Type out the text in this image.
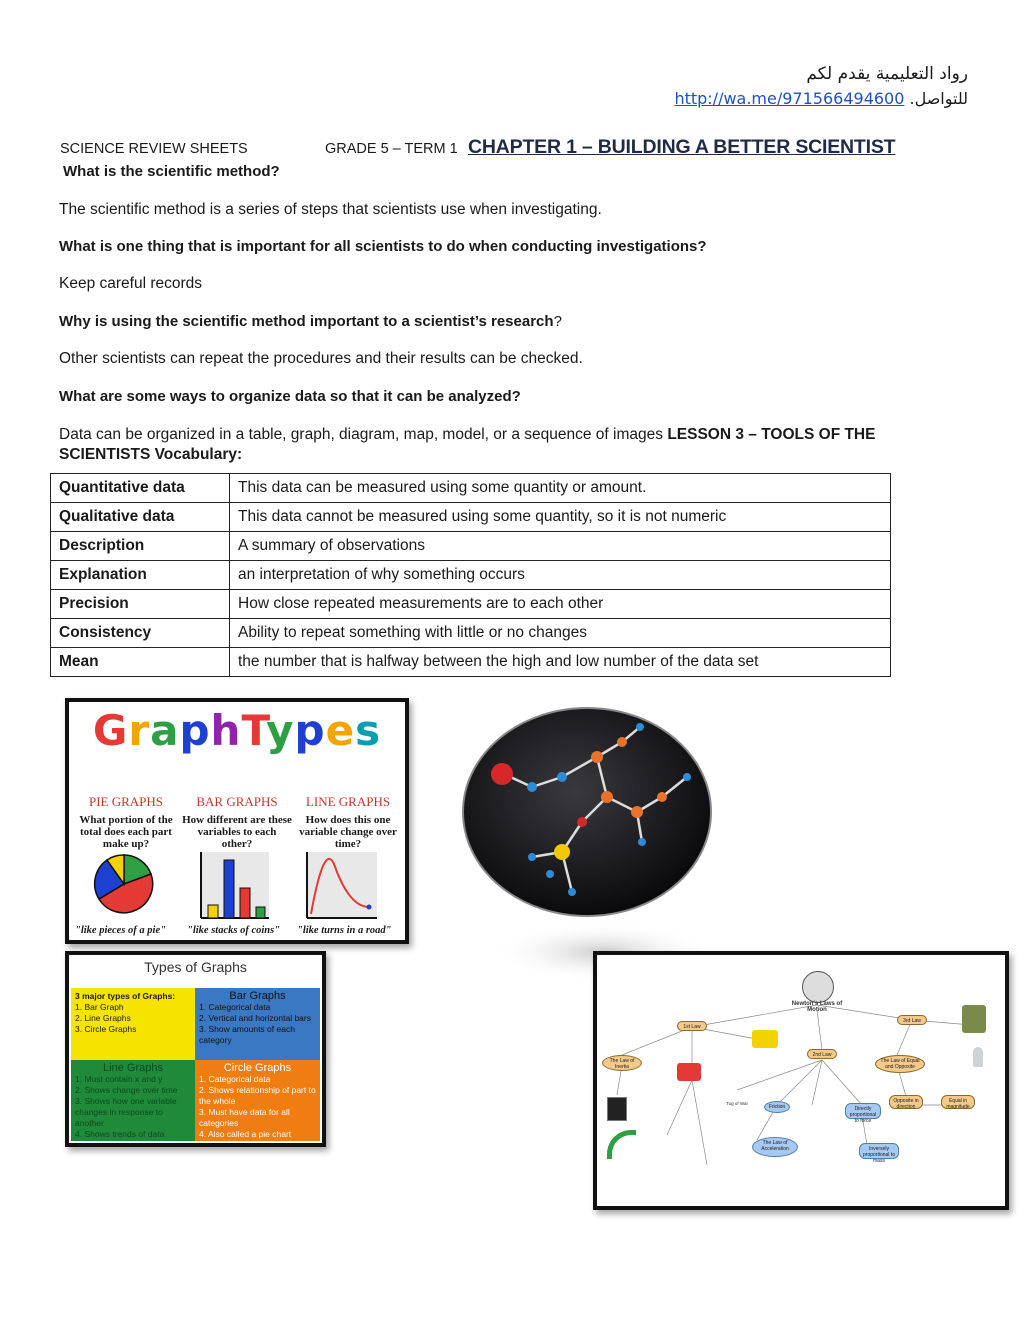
رواد التعليمية يقدم لكم
للتواصل. http://wa.me/971566494600
SCIENCE REVIEW SHEETS	GRADE 5 – TERM 1 CHAPTER 1 – BUILDING A BETTER SCIENTIST
What is the scientific method?
The scientific method is a series of steps that scientists use when investigating.
What is one thing that is important for all scientists to do when conducting investigations?
Keep careful records
Why is using the scientific method important to a scientist’s research?
Other scientists can repeat the procedures and their results can be checked.
What are some ways to organize data so that it can be analyzed?
Data can be organized in a table, graph, diagram, map, model, or a sequence of images LESSON 3 – TOOLS OF THE
SCIENTISTS Vocabulary:
Quantitative data	This data can be measured using some quantity or amount.
Qualitative data	This data cannot be measured using some quantity, so it is not numeric
Description	A summary of observations
Explanation	an interpretation of why something occurs
Precision	How close repeated measurements are to each other
Consistency	Ability to repeat something with little or no changes
Mean	the number that is halfway between the high and low number of the data set
GraphTypes
PIE GRAPHS
What portion of the total does each part make up?
BAR GRAPHS
How different are these variables to each other?
LINE GRAPHS
How does this one variable change over time?
"like pieces of a pie" "like stacks of coins" "like turns in a road"
Types of Graphs
3 major types of Graphs:
1. Bar Graph
2. Line Graphs
3. Circle Graphs
Bar Graphs
1. Categorical data
2. Vertical and horizontal bars
3. Show amounts of each category
Line Graphs
1. Must contain x and y
2. Shows change over time
3. Shows how one variable changes in response to another
4. Shows trends of data
Circle Graphs
1. Categorical data
2. Shows relationship of part to the whole
3. Must have data for all categories
4. Also called a pie chart
Newton's Laws of Motion
1st Law
2nd Law
3rd Law
The Law of Inertia
The Law of Acceleration
The Law of Equal and Opposite
Friction
Tug of War
Directly proportional to force
Inversely proportional to mass
Opposite in direction
Equal in magnitude
